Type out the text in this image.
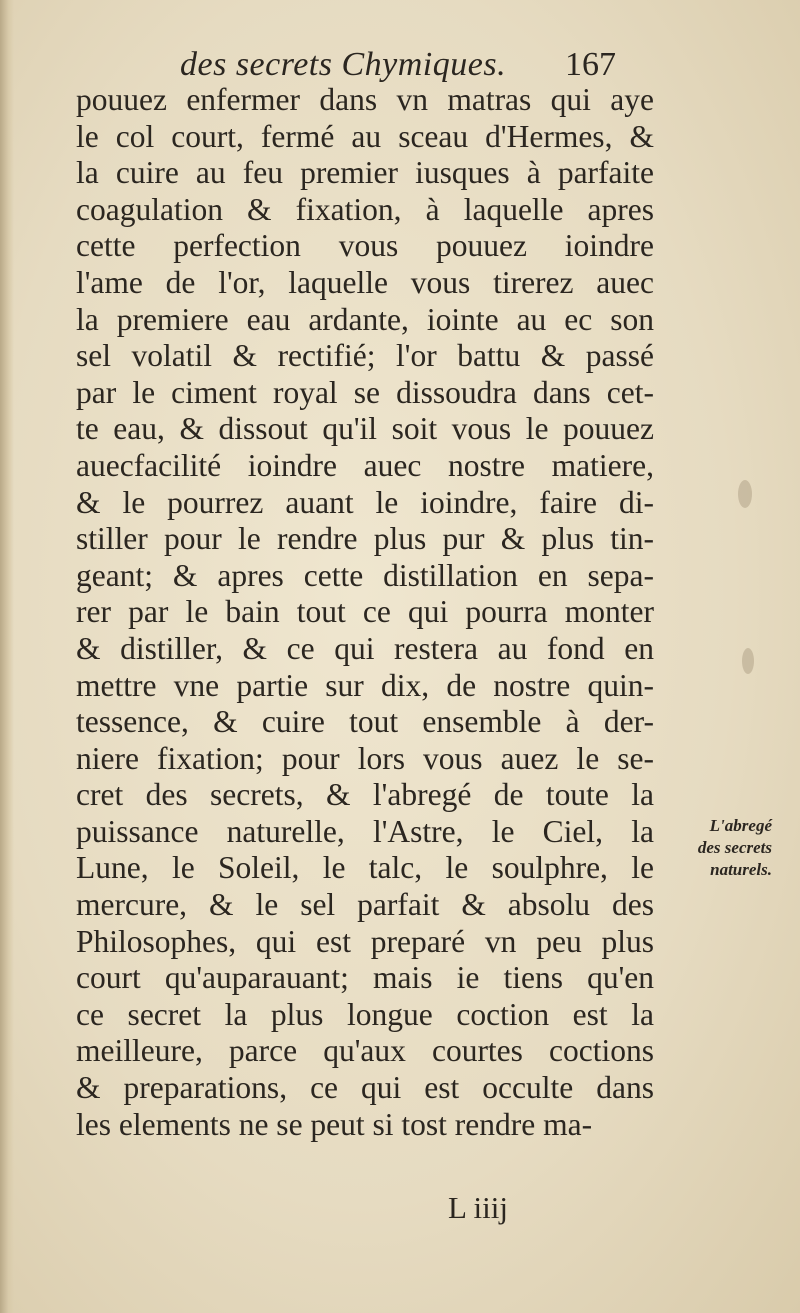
des secrets Chymiques. 167
pouuez enfermer dans vn matras qui aye
le col court, fermé au sceau d'Hermes, &
la cuire au feu premier iusques à parfaite
coagulation & fixation, à laquelle apres
cette perfection vous pouuez ioindre
l'ame de l'or, laquelle vous tirerez auec
la premiere eau ardante, iointe au ec son
sel volatil & rectifié; l'or battu & passé
par le ciment royal se dissoudra dans cet-
te eau, & dissout qu'il soit vous le pouuez
auecfacilité ioindre auec nostre matiere,
& le pourrez auant le ioindre, faire di-
stiller pour le rendre plus pur & plus tin-
geant; & apres cette distillation en sepa-
rer par le bain tout ce qui pourra monter
& distiller, & ce qui restera au fond en
mettre vne partie sur dix, de nostre quin-
tessence, & cuire tout ensemble à der-
niere fixation; pour lors vous auez le se-
cret des secrets, & l'abregé de toute la
puissance naturelle, l'Astre, le Ciel, la
Lune, le Soleil, le talc, le soulphre, le
mercure, & le sel parfait & absolu des
Philosophes, qui est preparé vn peu plus
court qu'auparauant; mais ie tiens qu'en
ce secret la plus longue coction est la
meilleure, parce qu'aux courtes coctions
& preparations, ce qui est occulte dans
les elements ne se peut si tost rendre ma-
L'abregé
des secrets
naturels.
L iiij
